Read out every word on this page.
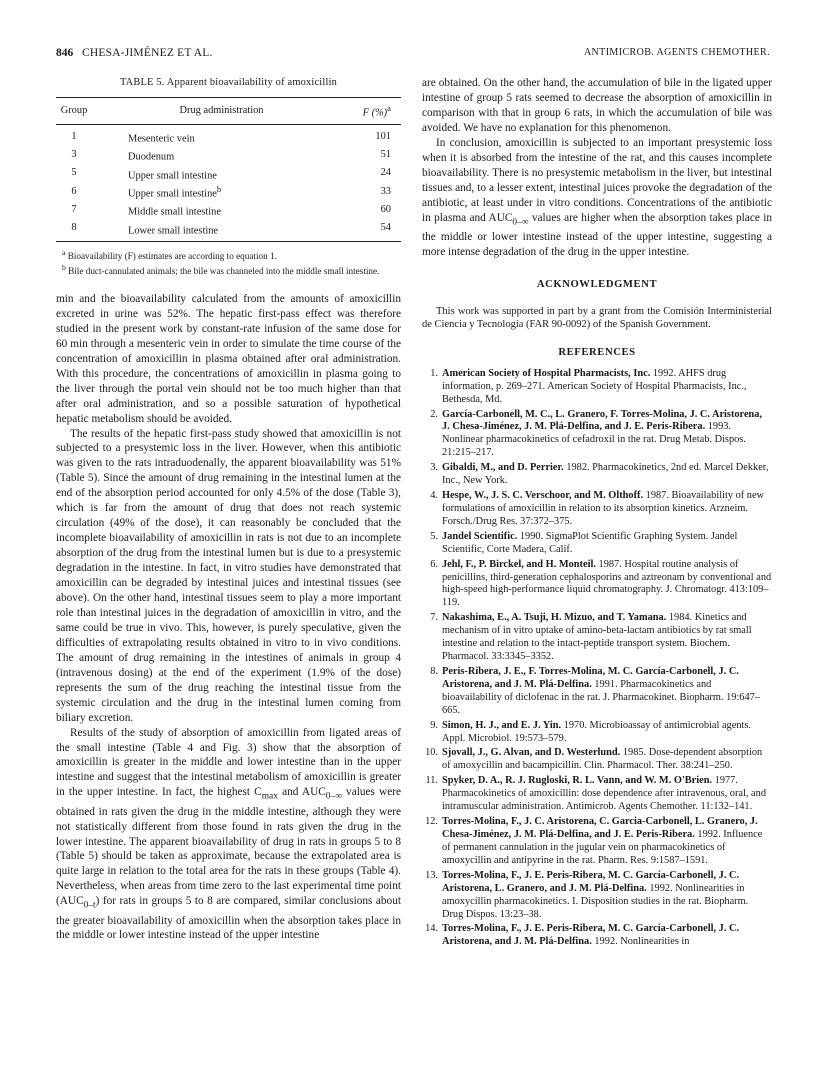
846 CHESA-JIMÉNEZ ET AL.	ANTIMICROB. AGENTS CHEMOTHER.
TABLE 5. Apparent bioavailability of amoxicillin
Group	Drug administration	F (%)$^a$
1	Mesenteric vein	101
3	Duodenum	51
5	Upper small intestine	24
6	Upper small intestine$^b$	33
7	Middle small intestine	60
8	Lower small intestine	54

$^a$ Bioavailability (F) estimates are according to equation 1.

$^b$ Bile duct-cannulated animals; the bile was channeled into the middle small intestine.

min and the bioavailability calculated from the amounts of amoxicillin excreted in urine was 52%. The hepatic first-pass effect was therefore studied in the present work by constant-rate infusion of the same dose for 60 min through a mesenteric vein in order to simulate the time course of the concentration of amoxicillin in plasma obtained after oral administration. With this procedure, the concentrations of amoxicillin in plasma going to the liver through the portal vein should not be too much higher than that after oral administration, and so a possible saturation of hypothetical hepatic metabolism should be avoided.

The results of the hepatic first-pass study showed that amoxicillin is not subjected to a presystemic loss in the liver. However, when this antibiotic was given to the rats intraduodenally, the apparent bioavailability was 51% (Table 5). Since the amount of drug remaining in the intestinal lumen at the end of the absorption period accounted for only 4.5% of the dose (Table 3), which is far from the amount of drug that does not reach systemic circulation (49% of the dose), it can reasonably be concluded that the incomplete bioavailability of amoxicillin in rats is not due to an incomplete absorption of the drug from the intestinal lumen but is due to a presystemic degradation in the intestine. In fact, in vitro studies have demonstrated that amoxicillin can be degraded by intestinal juices and intestinal tissues (see above). On the other hand, intestinal tissues seem to play a more important role than intestinal juices in the degradation of amoxicillin in vitro, and the same could be true in vivo. This, however, is purely speculative, given the difficulties of extrapolating results obtained in vitro to in vivo conditions. The amount of drug remaining in the intestines of animals in group 4 (intravenous dosing) at the end of the experiment (1.9% of the dose) represents the sum of the drug reaching the intestinal tissue from the systemic circulation and the drug in the intestinal lumen coming from biliary excretion.

Results of the study of absorption of amoxicillin from ligated areas of the small intestine (Table 4 and Fig. 3) show that the absorption of amoxicillin is greater in the middle and lower intestine than in the upper intestine and suggest that the intestinal metabolism of amoxicillin is greater in the upper intestine. In fact, the highest $C_{max}$ and $AUC_{0-\infty}$ values were obtained in rats given the drug in the middle intestine, although they were not statistically different from those found in rats given the drug in the lower intestine. The apparent bioavailability of drug in rats in groups 5 to 8 (Table 5) should be taken as approximate, because the extrapolated area is quite large in relation to the total area for the rats in these groups (Table 4). Nevertheless, when areas from time zero to the last experimental time point $(AUC_{0-t})$ for rats in groups 5 to 8 are compared, similar conclusions about the greater bioavailability of amoxicillin when the absorption takes place in the middle or lower intestine instead of the upper intestine

are obtained. On the other hand, the accumulation of bile in the ligated upper intestine of group 5 rats seemed to decrease the absorption of amoxicillin in comparison with that in group 6 rats, in which the accumulation of bile was avoided. We have no explanation for this phenomenon.

In conclusion, amoxicillin is subjected to an important presystemic loss when it is absorbed from the intestine of the rat, and this causes incomplete bioavailability. There is no presystemic metabolism in the liver, but intestinal tissues and, to a lesser extent, intestinal juices provoke the degradation of the antibiotic, at least under in vitro conditions. Concentrations of the antibiotic in plasma and $AUC_{0-\infty}$ values are higher when the absorption takes place in the middle or lower intestine instead of the upper intestine, suggesting a more intense degradation of the drug in the upper intestine.

ACKNOWLEDGMENT

This work was supported in part by a grant from the Comisión Interministerial de Ciencia y Tecnología (FAR 90-0092) of the Spanish Government.

REFERENCES
1. American Society of Hospital Pharmacists, Inc. 1992. AHFS drug information, p. 269–271. American Society of Hospital Pharmacists, Inc., Bethesda, Md.
2. García-Carbonell, M. C., L. Granero, F. Torres-Molina, J. C. Aristorena, J. Chesa-Jiménez, J. M. Plá-Delfina, and J. E. Peris-Ribera. 1993. Nonlinear pharmacokinetics of cefadroxil in the rat. Drug Metab. Dispos. 21:215–217.
3. Gibaldi, M., and D. Perrier. 1982. Pharmacokinetics, 2nd ed. Marcel Dekker, Inc., New York.
4. Hespe, W., J. S. C. Verschoor, and M. Olthoff. 1987. Bioavailability of new formulations of amoxicillin in relation to its absorption kinetics. Arzneim. Forsch./Drug Res. 37:372–375.
5. Jandel Scientific. 1990. SigmaPlot Scientific Graphing System. Jandel Scientific, Corte Madera, Calif.
6. Jehl, F., P. Birckel, and H. Monteil. 1987. Hospital routine analysis of penicillins, third-generation cephalosporins and aztreonam by conventional and high-speed high-performance liquid chromatography. J. Chromatogr. 413:109–119.
7. Nakashima, E., A. Tsuji, H. Mizuo, and T. Yamana. 1984. Kinetics and mechanism of in vitro uptake of amino-beta-lactam antibiotics by rat small intestine and relation to the intact-peptide transport system. Biochem. Pharmacol. 33:3345–3352.
8. Peris-Ribera, J. E., F. Torres-Molina, M. C. García-Carbonell, J. C. Aristorena, and J. M. Plá-Delfina. 1991. Pharmacokinetics and bioavailability of diclofenac in the rat. J. Pharmacokinet. Biopharm. 19:647–665.
9. Simon, H. J., and E. J. Yin. 1970. Microbioassay of antimicrobial agents. Appl. Microbiol. 19:573–579.
10. Sjovall, J., G. Alvan, and D. Westerlund. 1985. Dose-dependent absorption of amoxycillin and bacampicillin. Clin. Pharmacol. Ther. 38:241–250.
11. Spyker, D. A., R. J. Rugloski, R. L. Vann, and W. M. O'Brien. 1977. Pharmacokinetics of amoxicillin: dose dependence after intravenous, oral, and intramuscular administration. Antimicrob. Agents Chemother. 11:132–141.
12. Torres-Molina, F., J. C. Aristorena, C. Garcia-Carbonell, L. Granero, J. Chesa-Jiménez, J. M. Plá-Delfina, and J. E. Peris-Ribera. 1992. Influence of permanent cannulation in the jugular vein on pharmacokinetics of amoxycillin and antipyrine in the rat. Pharm. Res. 9:1587–1591.
13. Torres-Molina, F., J. E. Peris-Ribera, M. C. García-Carbonell, J. C. Aristorena, L. Granero, and J. M. Plá-Delfina. 1992. Nonlinearities in amoxycillin pharmacokinetics. I. Disposition studies in the rat. Biopharm. Drug Dispos. 13:23–38.
14. Torres-Molina, F., J. E. Peris-Ribera, M. C. García-Carbonell, J. C. Aristorena, and J. M. Plá-Delfina. 1992. Nonlinearities in
